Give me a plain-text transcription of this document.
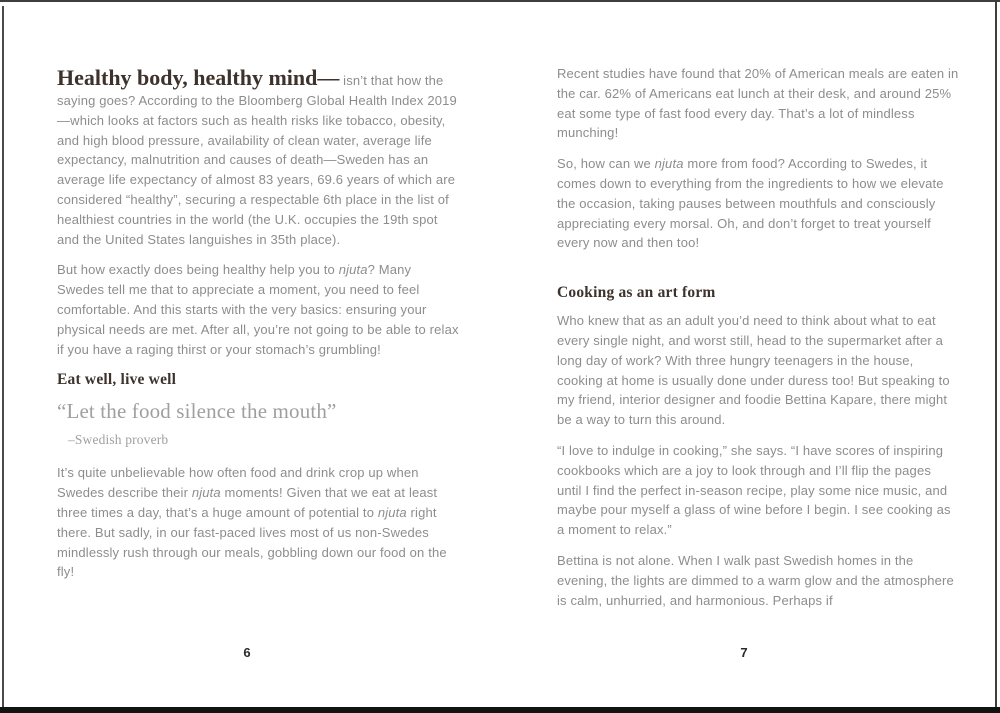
Healthy body, healthy mind— isn’t that how the saying goes? According to the Bloomberg Global Health Index 2019—which looks at factors such as health risks like tobacco, obesity, and high blood pressure, availability of clean water, average life expectancy, malnutrition and causes of death—Sweden has an average life expectancy of almost 83 years, 69.6 years of which are considered “healthy”, securing a respectable 6th place in the list of healthiest countries in the world (the U.K. occupies the 19th spot and the United States languishes in 35th place).

But how exactly does being healthy help you to njuta? Many Swedes tell me that to appreciate a moment, you need to feel comfortable. And this starts with the very basics: ensuring your physical needs are met. After all, you’re not going to be able to relax if you have a raging thirst or your stomach’s grumbling!

Eat well, live well
“Let the food silence the mouth”
–Swedish proverb

It’s quite unbelievable how often food and drink crop up when Swedes describe their njuta moments! Given that we eat at least three times a day, that’s a huge amount of potential to njuta right there. But sadly, in our fast-paced lives most of us non-Swedes mindlessly rush through our meals, gobbling down our food on the fly!

Recent studies have found that 20% of American meals are eaten in the car. 62% of Americans eat lunch at their desk, and around 25% eat some type of fast food every day. That’s a lot of mindless munching!

So, how can we njuta more from food? According to Swedes, it comes down to everything from the ingredients to how we elevate the occasion, taking pauses between mouthfuls and consciously appreciating every morsal. Oh, and don’t forget to treat yourself every now and then too!

Cooking as an art form

Who knew that as an adult you’d need to think about what to eat every single night, and worst still, head to the supermarket after a long day of work? With three hungry teenagers in the house, cooking at home is usually done under duress too! But speaking to my friend, interior designer and foodie Bettina Kapare, there might be a way to turn this around.

“I love to indulge in cooking,” she says. “I have scores of inspiring cookbooks which are a joy to look through and I’ll flip the pages until I find the perfect in-season recipe, play some nice music, and maybe pour myself a glass of wine before I begin. I see cooking as a moment to relax.”

Bettina is not alone. When I walk past Swedish homes in the evening, the lights are dimmed to a warm glow and the atmosphere is calm, unhurried, and harmonious. Perhaps if

6	7
